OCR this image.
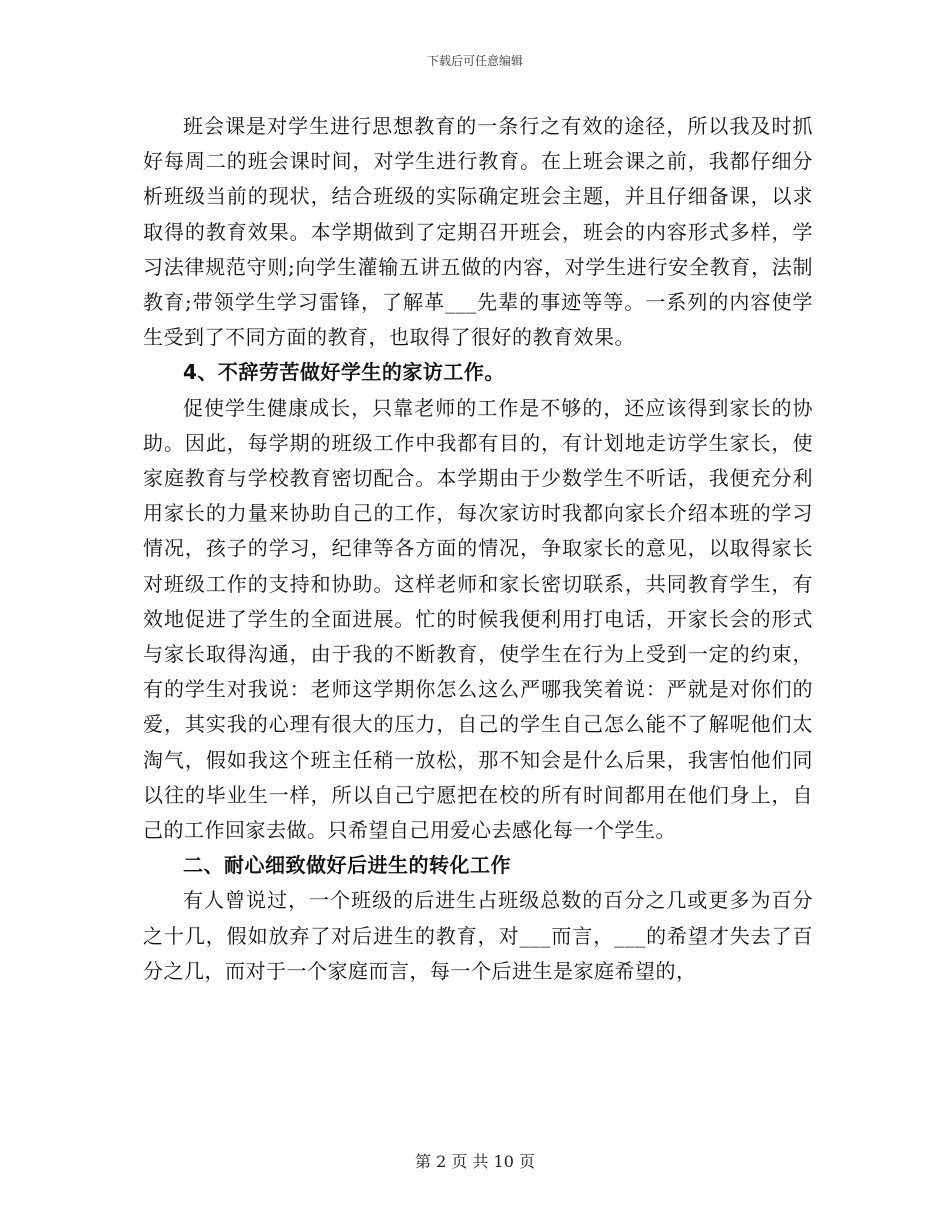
下载后可任意编辑

班会课是对学生进行思想教育的一条行之有效的途径，所以我及时抓好每周二的班会课时间，对学生进行教育。在上班会课之前，我都仔细分析班级当前的现状，结合班级的实际确定班会主题，并且仔细备课，以求取得的教育效果。本学期做到了定期召开班会，班会的内容形式多样，学习法律规范守则;向学生灌输五讲五做的内容，对学生进行安全教育，法制教育;带领学生学习雷锋，了解革___先辈的事迹等等。一系列的内容使学生受到了不同方面的教育，也取得了很好的教育效果。

4、不辞劳苦做好学生的家访工作。

促使学生健康成长，只靠老师的工作是不够的，还应该得到家长的协助。因此，每学期的班级工作中我都有目的，有计划地走访学生家长，使家庭教育与学校教育密切配合。本学期由于少数学生不听话，我便充分利用家长的力量来协助自己的工作，每次家访时我都向家长介绍本班的学习情况，孩子的学习，纪律等各方面的情况，争取家长的意见，以取得家长对班级工作的支持和协助。这样老师和家长密切联系，共同教育学生，有效地促进了学生的全面进展。忙的时候我便利用打电话，开家长会的形式与家长取得沟通，由于我的不断教育，使学生在行为上受到一定的约束，有的学生对我说：老师这学期你怎么这么严哪我笑着说：严就是对你们的爱，其实我的心理有很大的压力，自己的学生自己怎么能不了解呢他们太淘气，假如我这个班主任稍一放松，那不知会是什么后果，我害怕他们同以往的毕业生一样，所以自己宁愿把在校的所有时间都用在他们身上，自己的工作回家去做。只希望自己用爱心去感化每一个学生。

二、耐心细致做好后进生的转化工作

有人曾说过，一个班级的后进生占班级总数的百分之几或更多为百分之十几，假如放弃了对后进生的教育，对___而言，___的希望才失去了百分之几，而对于一个家庭而言，每一个后进生是家庭希望的，

第 2 页 共 10 页
